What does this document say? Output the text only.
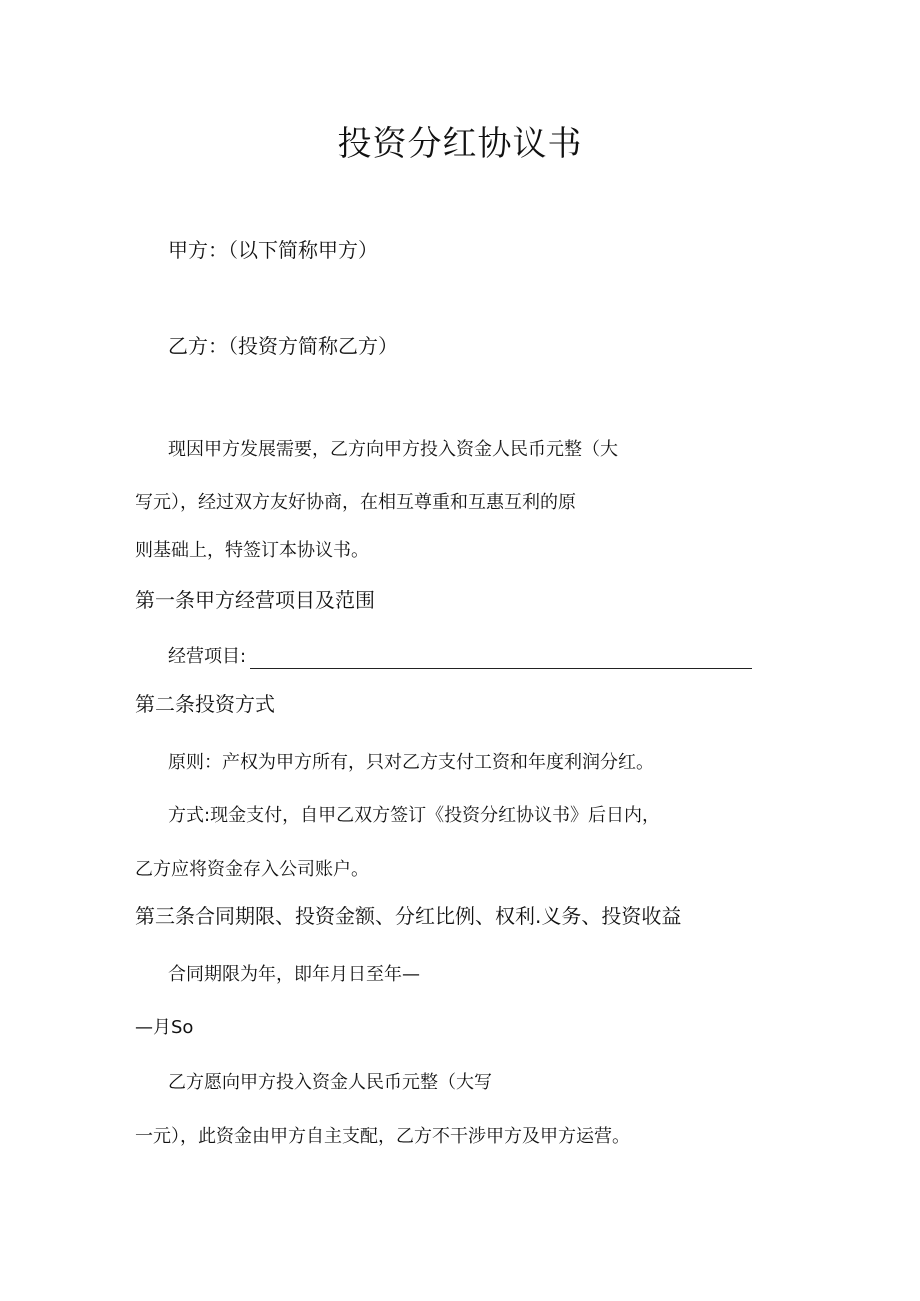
投资分红协议书
甲方：（以下简称甲方）
乙方：（投资方简称乙方）
现因甲方发展需要，乙方向甲方投入资金人民币元整（大
写元），经过双方友好协商，在相互尊重和互惠互利的原
则基础上，特签订本协议书。
第一条甲方经营项目及范围
经营项目:
第二条投资方式
原则：产权为甲方所有，只对乙方支付工资和年度利润分红。
方式:现金支付，自甲乙双方签订《投资分红协议书》后日内，
乙方应将资金存入公司账户。
第三条合同期限、投资金额、分红比例、权利.义务、投资收益
合同期限为年，即年月日至年—
—月So
乙方愿向甲方投入资金人民币元整（大写
一元），此资金由甲方自主支配，乙方不干涉甲方及甲方运营。
